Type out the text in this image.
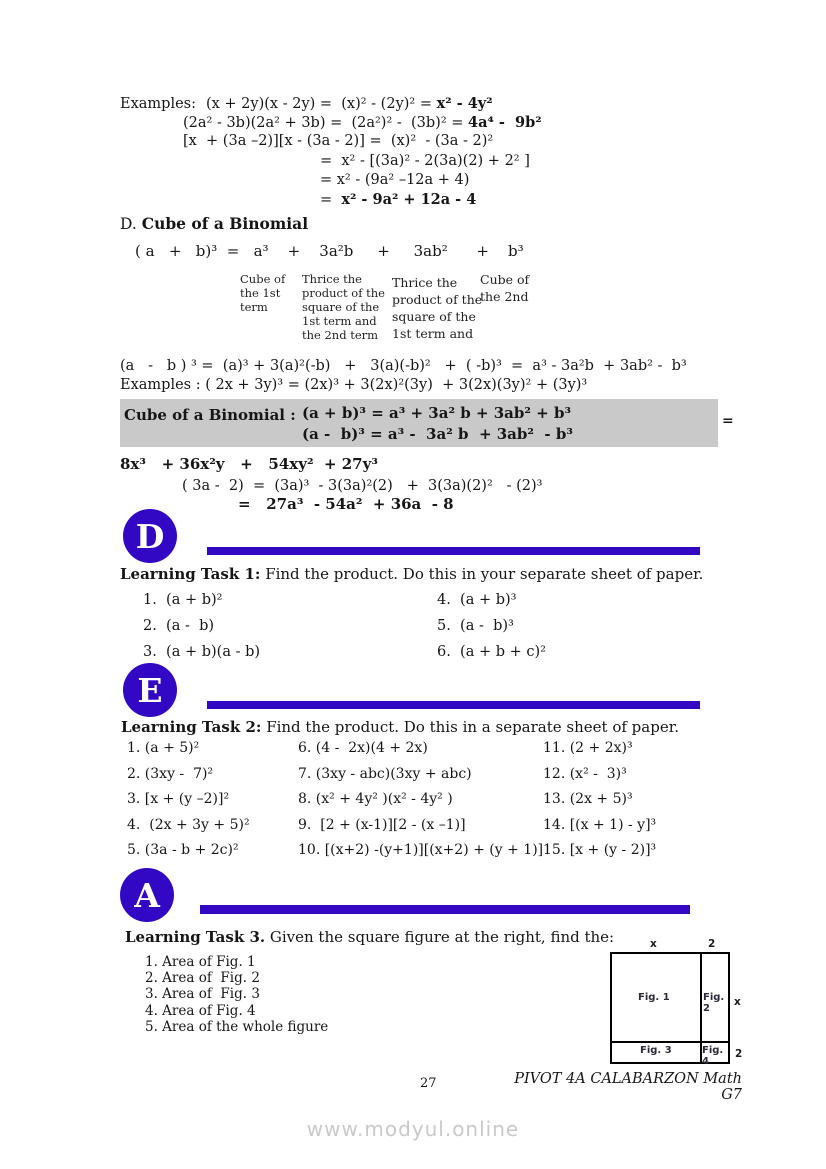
Examples: (x + 2y)(x - 2y) =  (x)² - (2y)² = x² - 4y²
(2a² - 3b)(2a² + 3b) =  (2a²)² -  (3b)² = 4a⁴ -  9b²
[x  + (3a –2)][x - (3a - 2)] =  (x)²  - (3a - 2)²
=  x² - [(3a)² - 2(3a)(2) + 2² ]
= x² - (9a² –12a + 4)
=  x² - 9a² + 12a - 4
D. Cube of a Binomial
( a   +   b)³  =   a³    +    3a²b     +     3ab²      +    b³
Cube of the 1st term
Thrice the product of the square of the 1st term and the 2nd term
Thrice the product of the square of the 1st term and
Cube of the 2nd
(a   -   b ) ³ =  (a)³ + 3(a)²(-b)   +   3(a)(-b)²   +  ( -b)³  =  a³ - 3a²b  + 3ab² -  b³
Examples : ( 2x + 3y)³ = (2x)³ + 3(2x)²(3y)  + 3(2x)(3y)² + (3y)³
Cube of a Binomial : (a + b)³ = a³ + 3a² b + 3ab² + b³
(a -  b)³ = a³ -  3a² b  + 3ab²  - b³
=
8x³   + 36x²y   +   54xy²  + 27y³
( 3a -  2)  =  (3a)³  - 3(3a)²(2)   +  3(3a)(2)²   - (2)³
=   27a³  - 54a²  + 36a  - 8
D
Learning Task 1: Find the product. Do this in your separate sheet of paper.
1.  (a + b)²
2.  (a -  b)
3.  (a + b)(a - b)
4.  (a + b)³
5.  (a -  b)³
6.  (a + b + c)²
E
Learning Task 2: Find the product. Do this in a separate sheet of paper.
1. (a + 5)²
2. (3xy -  7)²
3. [x + (y –2)]²
4.  (2x + 3y + 5)²
5. (3a - b + 2c)²
6. (4 -  2x)(4 + 2x)
7. (3xy - abc)(3xy + abc)
8. (x² + 4y² )(x² - 4y² )
9.  [2 + (x-1)][2 - (x –1)]
10. [(x+2) -(y+1)][(x+2) + (y + 1)]
11. (2 + 2x)³
12. (x² -  3)³
13. (2x + 5)³
14. [(x + 1) - y]³
15. [x + (y - 2)]³
A
Learning Task 3. Given the square figure at the right, find the:
1. Area of Fig. 1
2. Area of  Fig. 2
3. Area of  Fig. 3
4. Area of Fig. 4
5. Area of the whole figure
x	2
Fig. 1	Fig. 2
Fig. 3	Fig. 4
x
2
27	PIVOT 4A CALABARZON Math G7
www.modyul.online
